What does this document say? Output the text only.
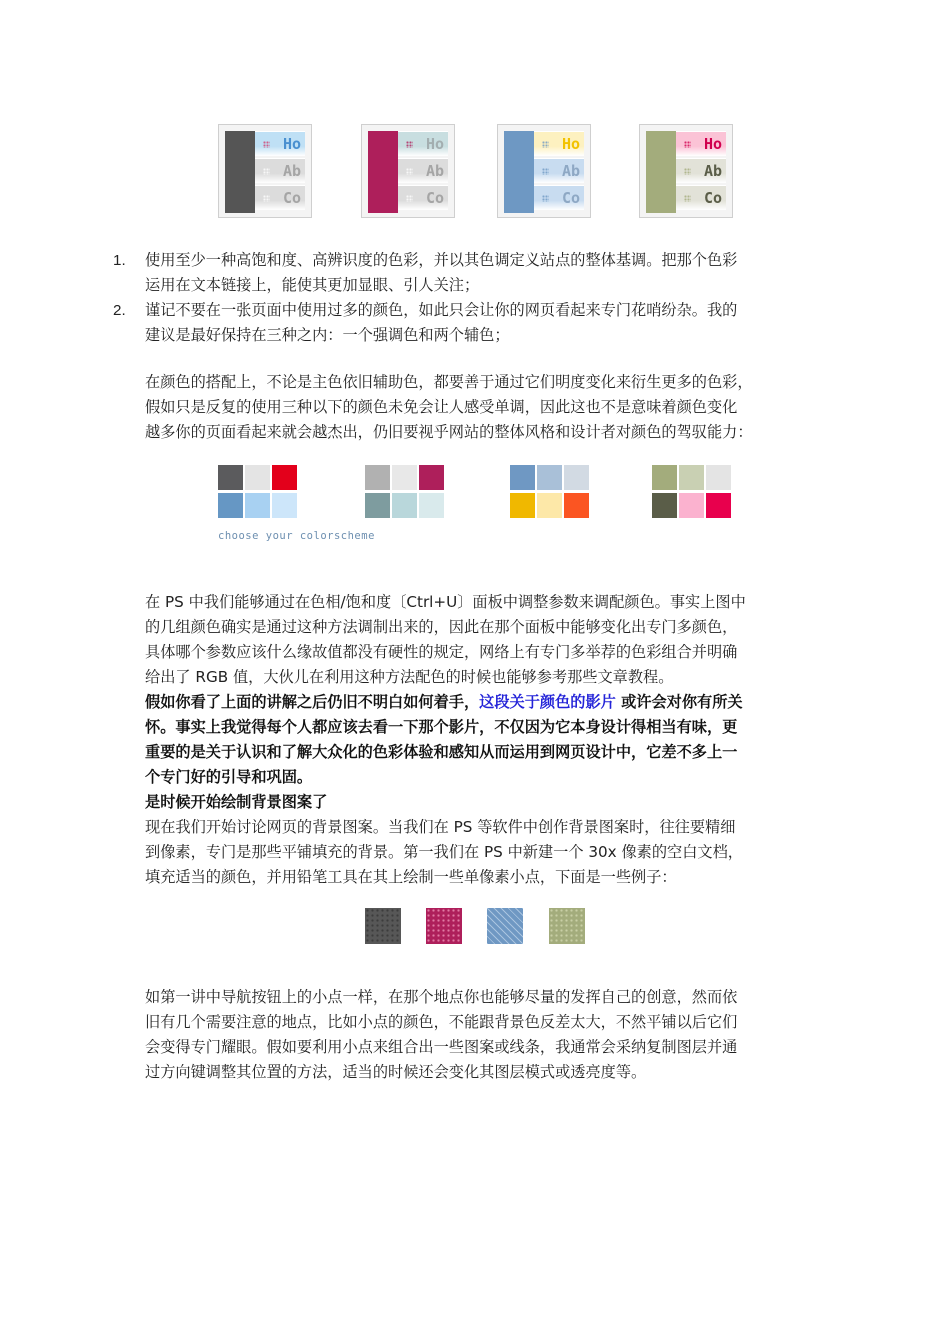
Ho
Ab
Co
Ho
Ab
Co
Ho
Ab
Co
Ho
Ab
Co
1. 使用至少一种高饱和度、高辨识度的色彩，并以其色调定义站点的整体基调。把那个色彩
运用在文本链接上，能使其更加显眼、引人关注；
2. 谨记不要在一张页面中使用过多的颜色，如此只会让你的网页看起来专门花哨纷杂。我的
建议是最好保持在三种之内：一个强调色和两个辅色；
在颜色的搭配上，不论是主色依旧辅助色，都要善于通过它们明度变化来衍生更多的色彩，
假如只是反复的使用三种以下的颜色未免会让人感受单调，因此这也不是意味着颜色变化
越多你的页面看起来就会越杰出，仍旧要视乎网站的整体风格和设计者对颜色的驾驭能力：
choose your colorscheme
在 PS 中我们能够通过在色相/饱和度〔Ctrl+U〕面板中调整参数来调配颜色。事实上图中
的几组颜色确实是通过这种方法调制出来的，因此在那个面板中能够变化出专门多颜色，
具体哪个参数应该什么缘故值都没有硬性的规定，网络上有专门多举荐的色彩组合并明确
给出了 RGB 值，大伙儿在利用这种方法配色的时候也能够参考那些文章教程。
假如你看了上面的讲解之后仍旧不明白如何着手，这段关于颜色的影片 或许会对你有所关
怀。事实上我觉得每个人都应该去看一下那个影片，不仅因为它本身设计得相当有味，更
重要的是关于认识和了解大众化的色彩体验和感知从而运用到网页设计中，它差不多上一
个专门好的引导和巩固。
是时候开始绘制背景图案了
现在我们开始讨论网页的背景图案。当我们在 PS 等软件中创作背景图案时，往往要精细
到像素，专门是那些平铺填充的背景。第一我们在 PS 中新建一个 30x 像素的空白文档，
填充适当的颜色，并用铅笔工具在其上绘制一些单像素小点，下面是一些例子：
如第一讲中导航按钮上的小点一样，在那个地点你也能够尽量的发挥自己的创意，然而依
旧有几个需要注意的地点，比如小点的颜色，不能跟背景色反差太大，不然平铺以后它们
会变得专门耀眼。假如要利用小点来组合出一些图案或线条，我通常会采纳复制图层并通
过方向键调整其位置的方法，适当的时候还会变化其图层模式或透亮度等。
